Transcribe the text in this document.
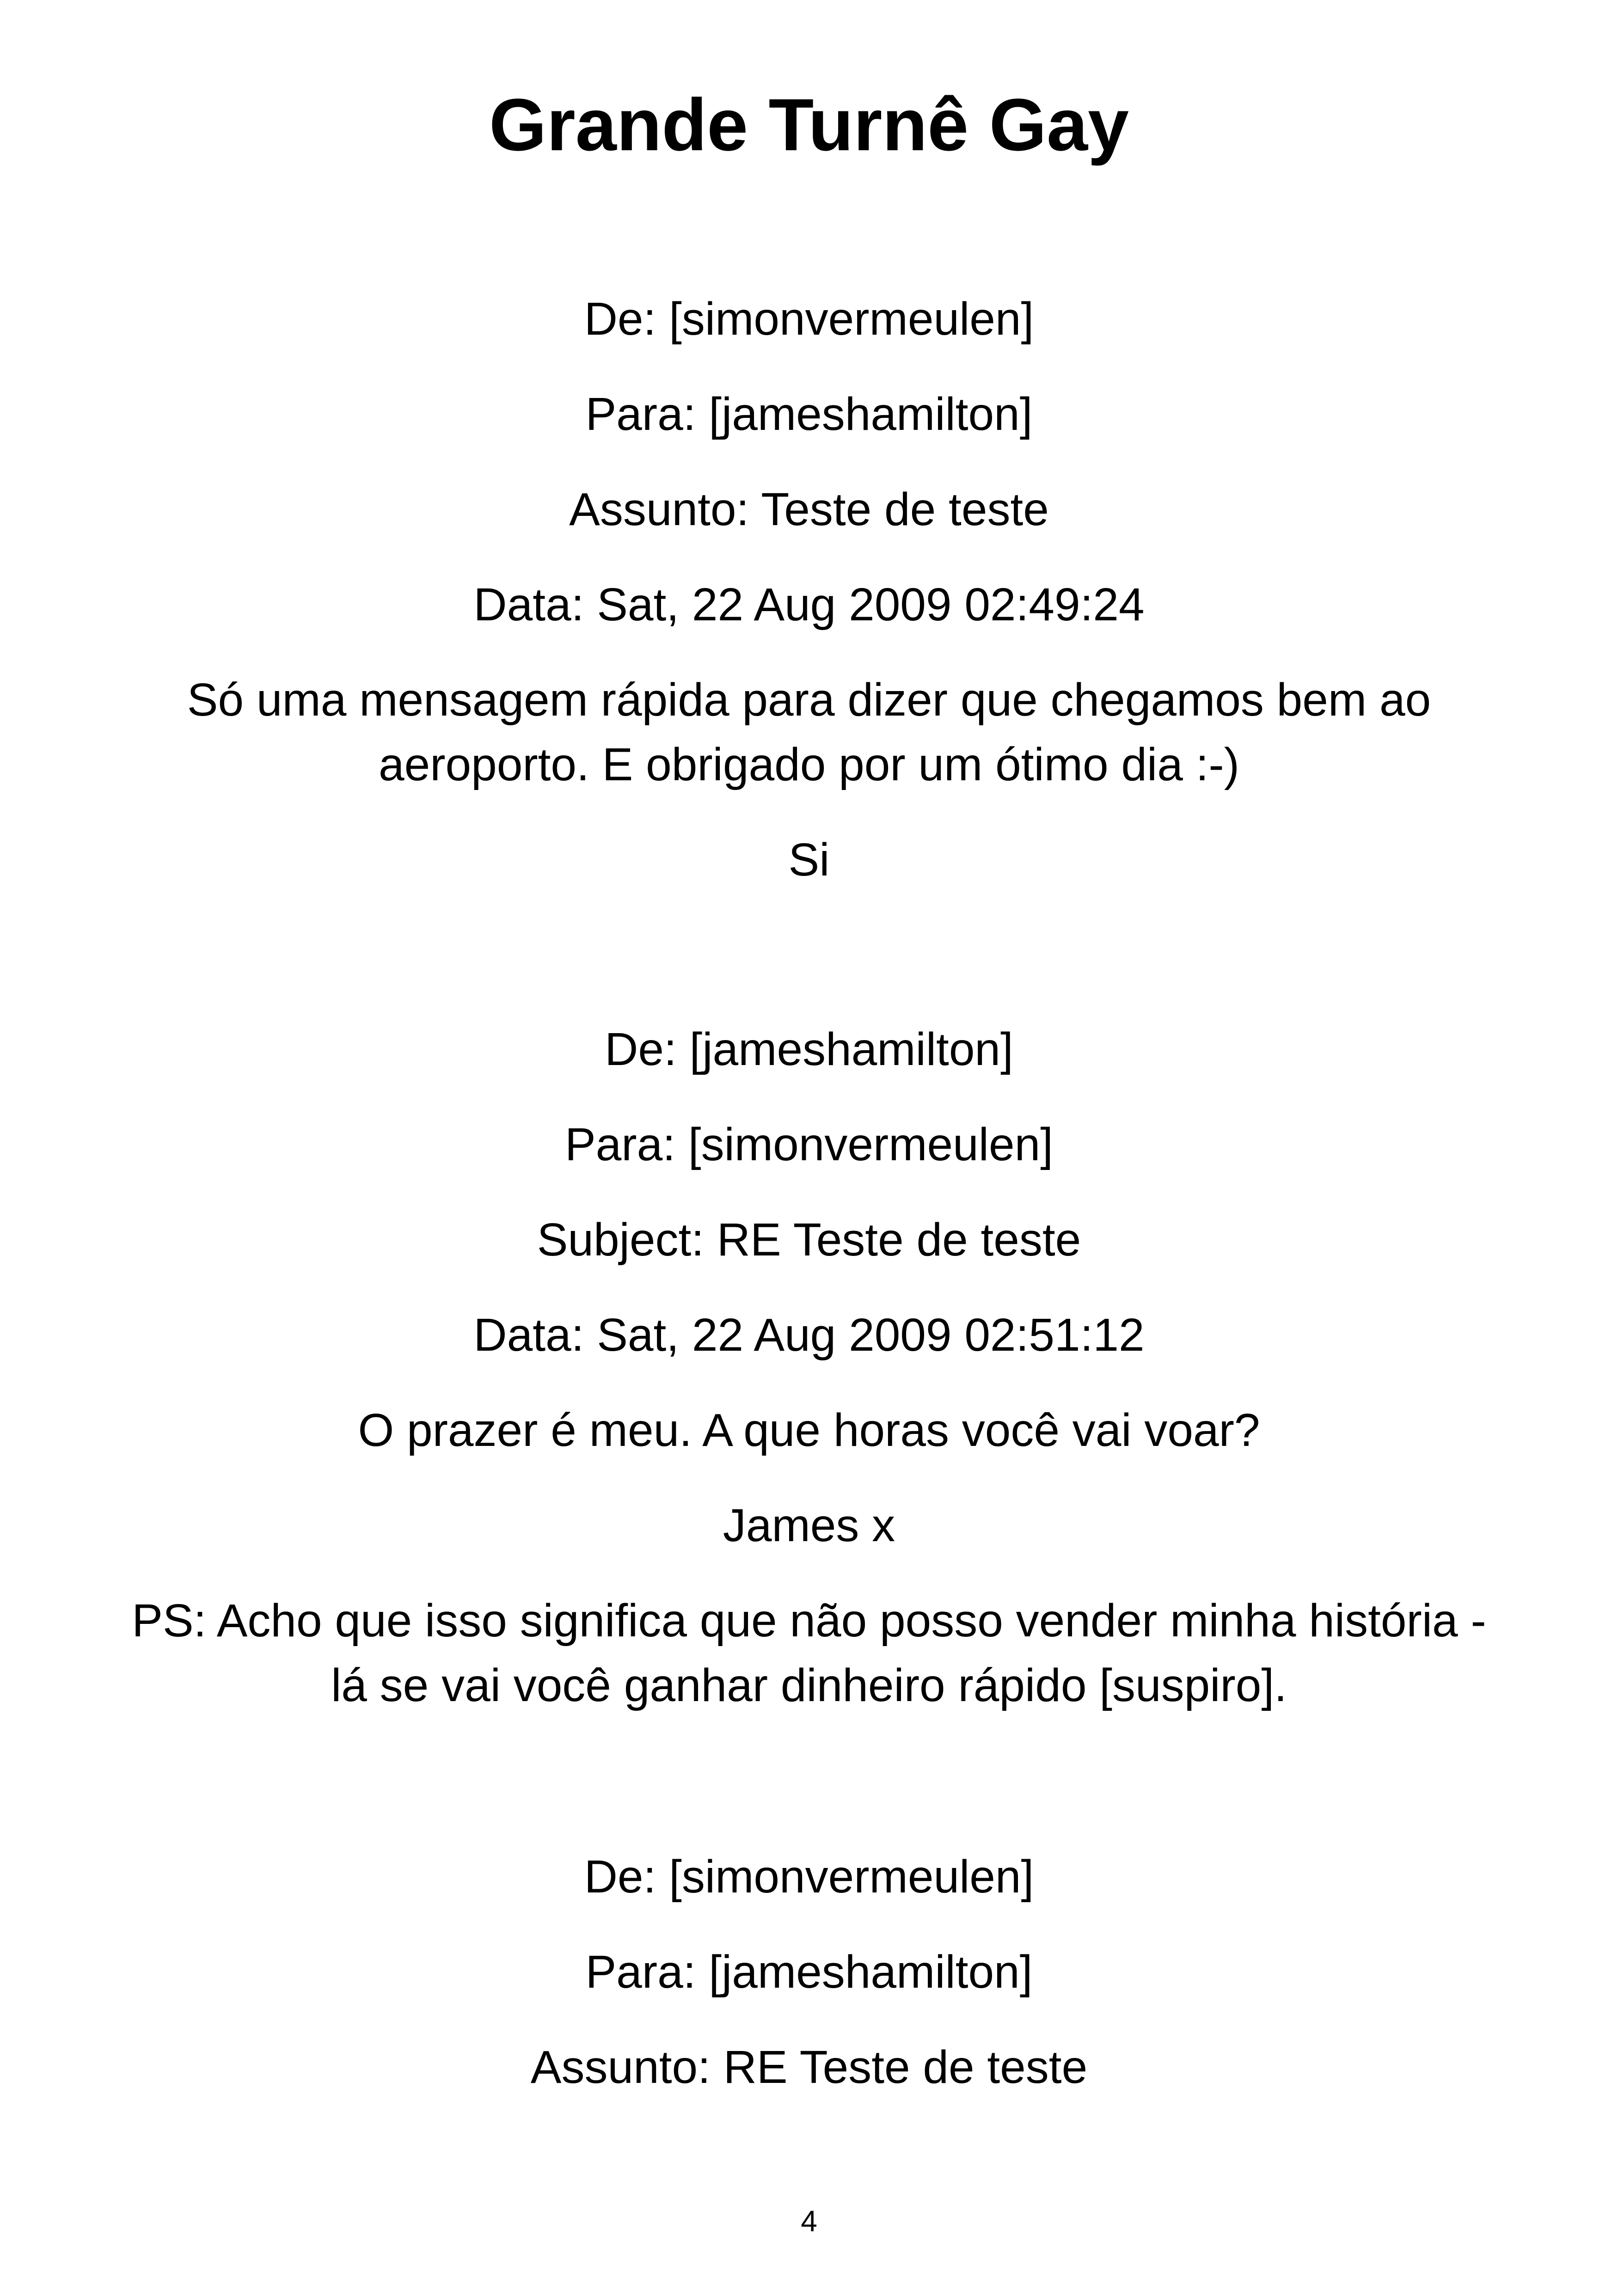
Grande Turnê Gay

De: [simonvermeulen]

Para: [jameshamilton]

Assunto: Teste de teste

Data: Sat, 22 Aug 2009 02:49:24

Só uma mensagem rápida para dizer que chegamos bem ao
aeroporto. E obrigado por um ótimo dia :-)

Si

De: [jameshamilton]

Para: [simonvermeulen]

Subject: RE Teste de teste

Data: Sat, 22 Aug 2009 02:51:12

O prazer é meu. A que horas você vai voar?

James x

PS: Acho que isso significa que não posso vender minha história -
lá se vai você ganhar dinheiro rápido [suspiro].

De: [simonvermeulen]

Para: [jameshamilton]

Assunto: RE Teste de teste

4
